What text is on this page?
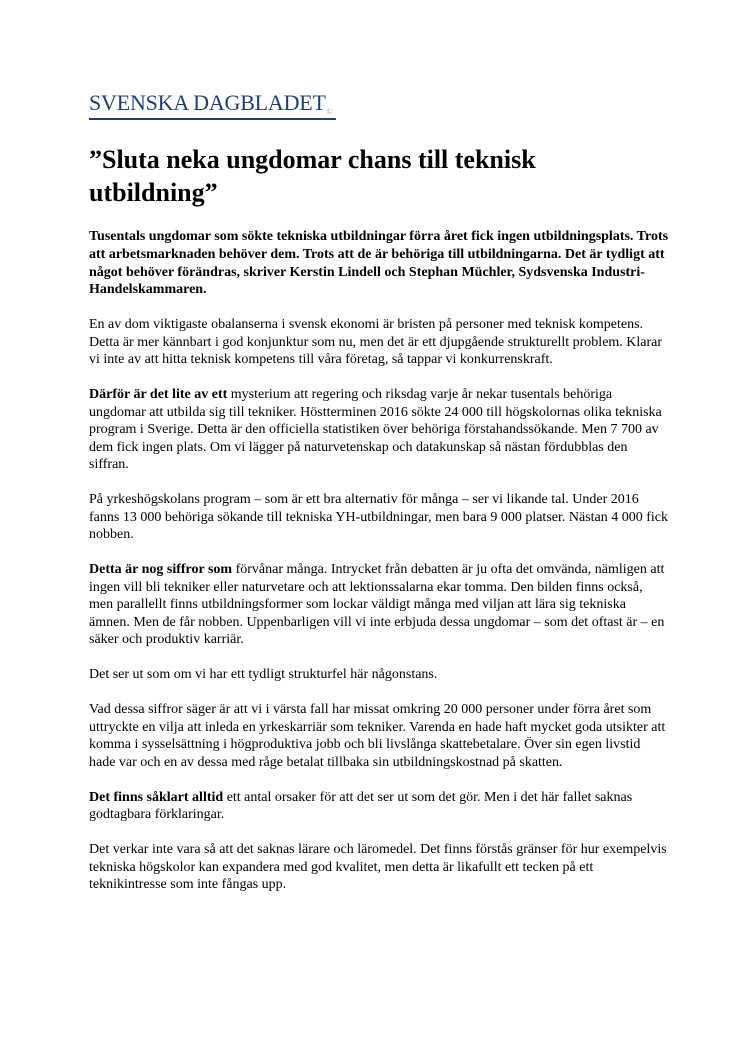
SVENSKA DAGBLADET©
”Sluta neka ungdomar chans till teknisk utbildning”

Tusentals ungdomar som sökte tekniska utbildningar förra året fick ingen utbildningsplats. Trots att arbetsmarknaden behöver dem. Trots att de är behöriga till utbildningarna. Det är tydligt att något behöver förändras, skriver Kerstin Lindell och Stephan Müchler, Sydsvenska Industri- Handelskammaren.

En av dom viktigaste obalanserna i svensk ekonomi är bristen på personer med teknisk kompetens. Detta är mer kännbart i god konjunktur som nu, men det är ett djupgående strukturellt problem. Klarar vi inte av att hitta teknisk kompetens till våra företag, så tappar vi konkurrenskraft.

Därför är det lite av ett mysterium att regering och riksdag varje år nekar tusentals behöriga ungdomar att utbilda sig till tekniker. Höstterminen 2016 sökte 24 000 till högskolornas olika tekniska program i Sverige. Detta är den officiella statistiken över behöriga förstahandssökande. Men 7 700 av dem fick ingen plats. Om vi lägger på naturvetenskap och datakunskap så nästan fördubblas den siffran.

På yrkeshögskolans program – som är ett bra alternativ för många – ser vi likande tal. Under 2016 fanns 13 000 behöriga sökande till tekniska YH-utbildningar, men bara 9 000 platser. Nästan 4 000 fick nobben.

Detta är nog siffror som förvånar många. Intrycket från debatten är ju ofta det omvända, nämligen att ingen vill bli tekniker eller naturvetare och att lektionssalarna ekar tomma. Den bilden finns också, men parallellt finns utbildningsformer som lockar väldigt många med viljan att lära sig tekniska ämnen. Men de får nobben. Uppenbarligen vill vi inte erbjuda dessa ungdomar – som det oftast är – en säker och produktiv karriär.

Det ser ut som om vi har ett tydligt strukturfel här någonstans.

Vad dessa siffror säger är att vi i värsta fall har missat omkring 20 000 personer under förra året som uttryckte en vilja att inleda en yrkeskarriär som tekniker. Varenda en hade haft mycket goda utsikter att komma i sysselsättning i högproduktiva jobb och bli livslånga skattebetalare. Över sin egen livstid hade var och en av dessa med råge betalat tillbaka sin utbildningskostnad på skatten.

Det finns såklart alltid ett antal orsaker för att det ser ut som det gör. Men i det här fallet saknas godtagbara förklaringar.

Det verkar inte vara så att det saknas lärare och läromedel. Det finns förstås gränser för hur exempelvis tekniska högskolor kan expandera med god kvalitet, men detta är likafullt ett tecken på ett teknikintresse som inte fångas upp.
